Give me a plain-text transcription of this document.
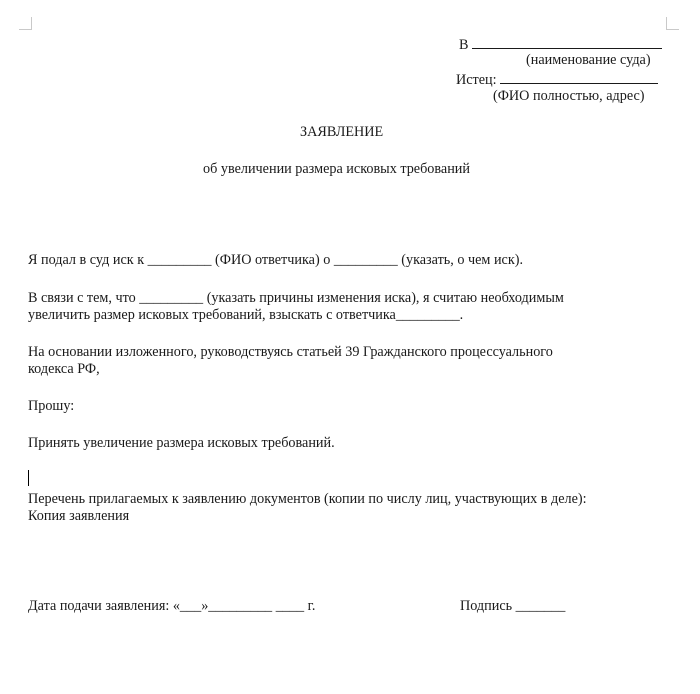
В
(наименование суда)
Истец:
(ФИО полностью, адрес)
ЗАЯВЛЕНИЕ
об увеличении размера исковых требований
Я подал в суд иск к _________ (ФИО ответчика) о _________ (указать, о чем иск).
В связи с тем, что _________ (указать причины изменения иска), я считаю необходимым
увеличить размер исковых требований, взыскать с ответчика_________.
На основании изложенного, руководствуясь статьей 39 Гражданского процессуального
кодекса РФ,
Прошу:
Принять увеличение размера исковых требований.
Перечень прилагаемых к заявлению документов (копии по числу лиц, участвующих в деле):
Копия заявления
Дата подачи заявления: «___»_________ ____ г.	Подпись _______
